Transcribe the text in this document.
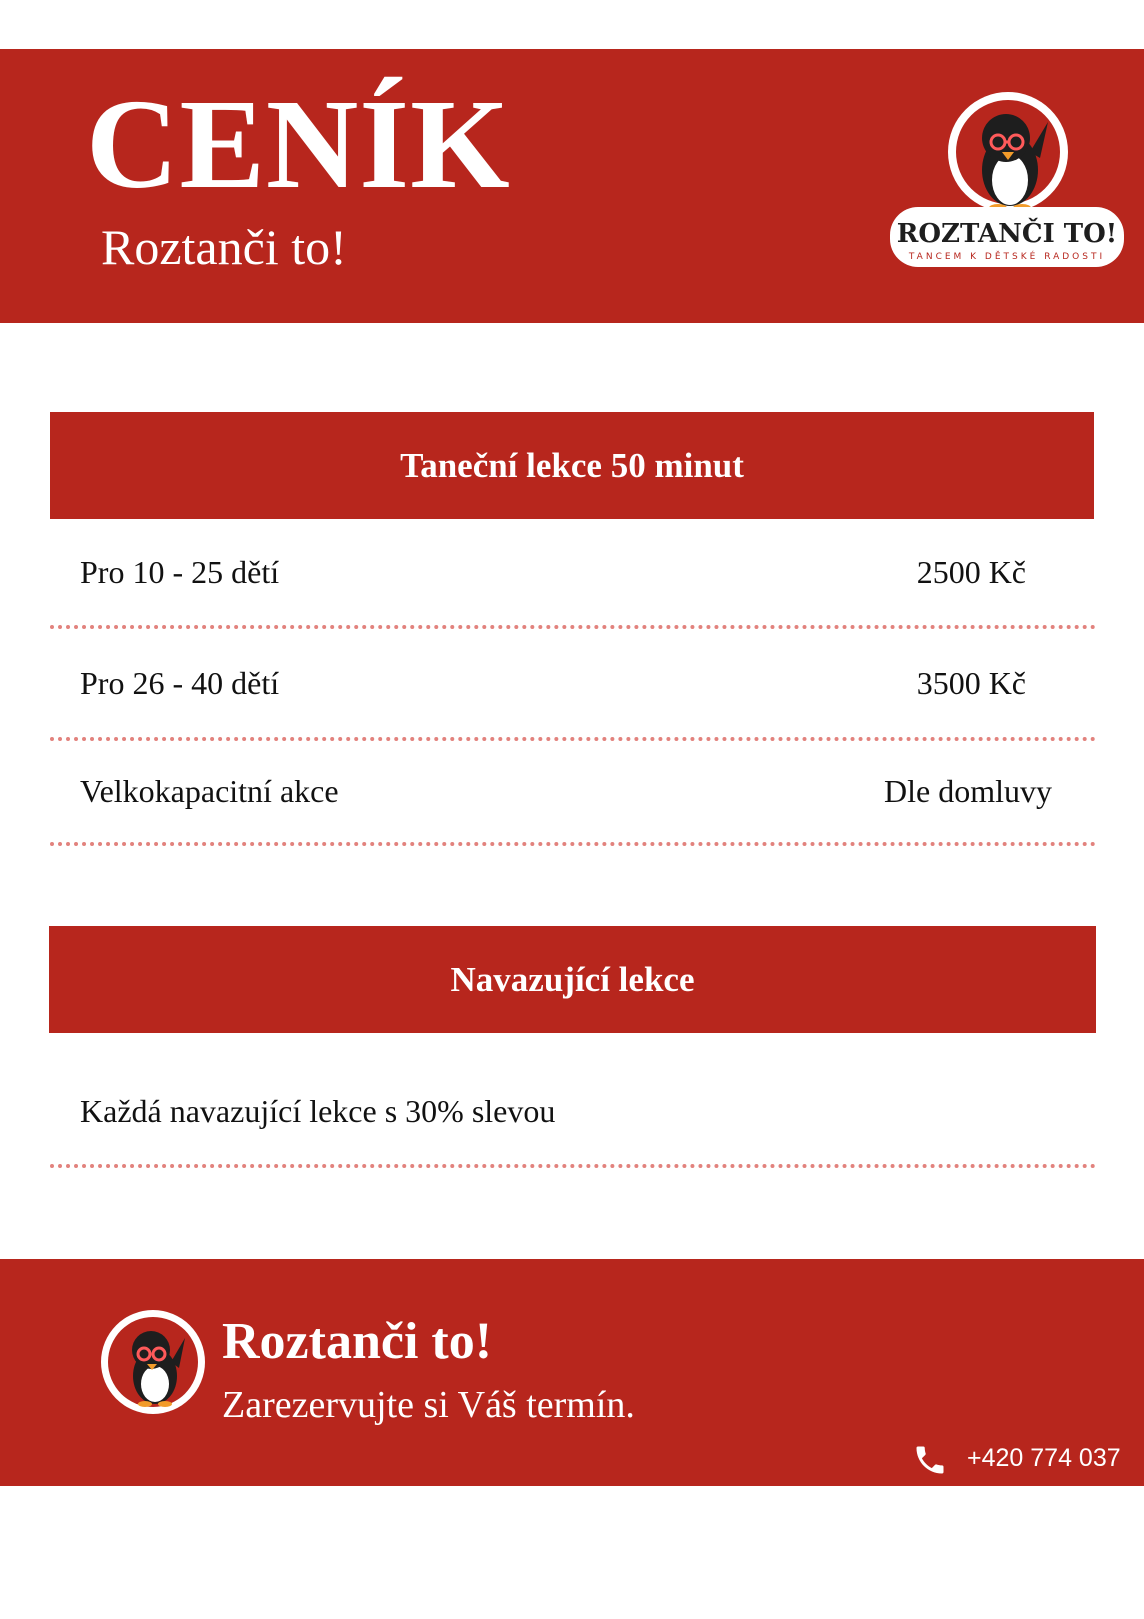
CENÍK
Roztanči to!	ROZTANČI TO!
TANCEM K DĚTSKÉ RADOSTI
Taneční lekce 50 minut
Pro 10 - 25 dětí	2500 Kč
Pro 26 - 40 dětí	3500 Kč
Velkokapacitní akce	Dle domluvy
Navazující lekce
Každá navazující lekce s 30% slevou
Roztanči to!
Zarezervujte si Váš termín.
+420 774 037
